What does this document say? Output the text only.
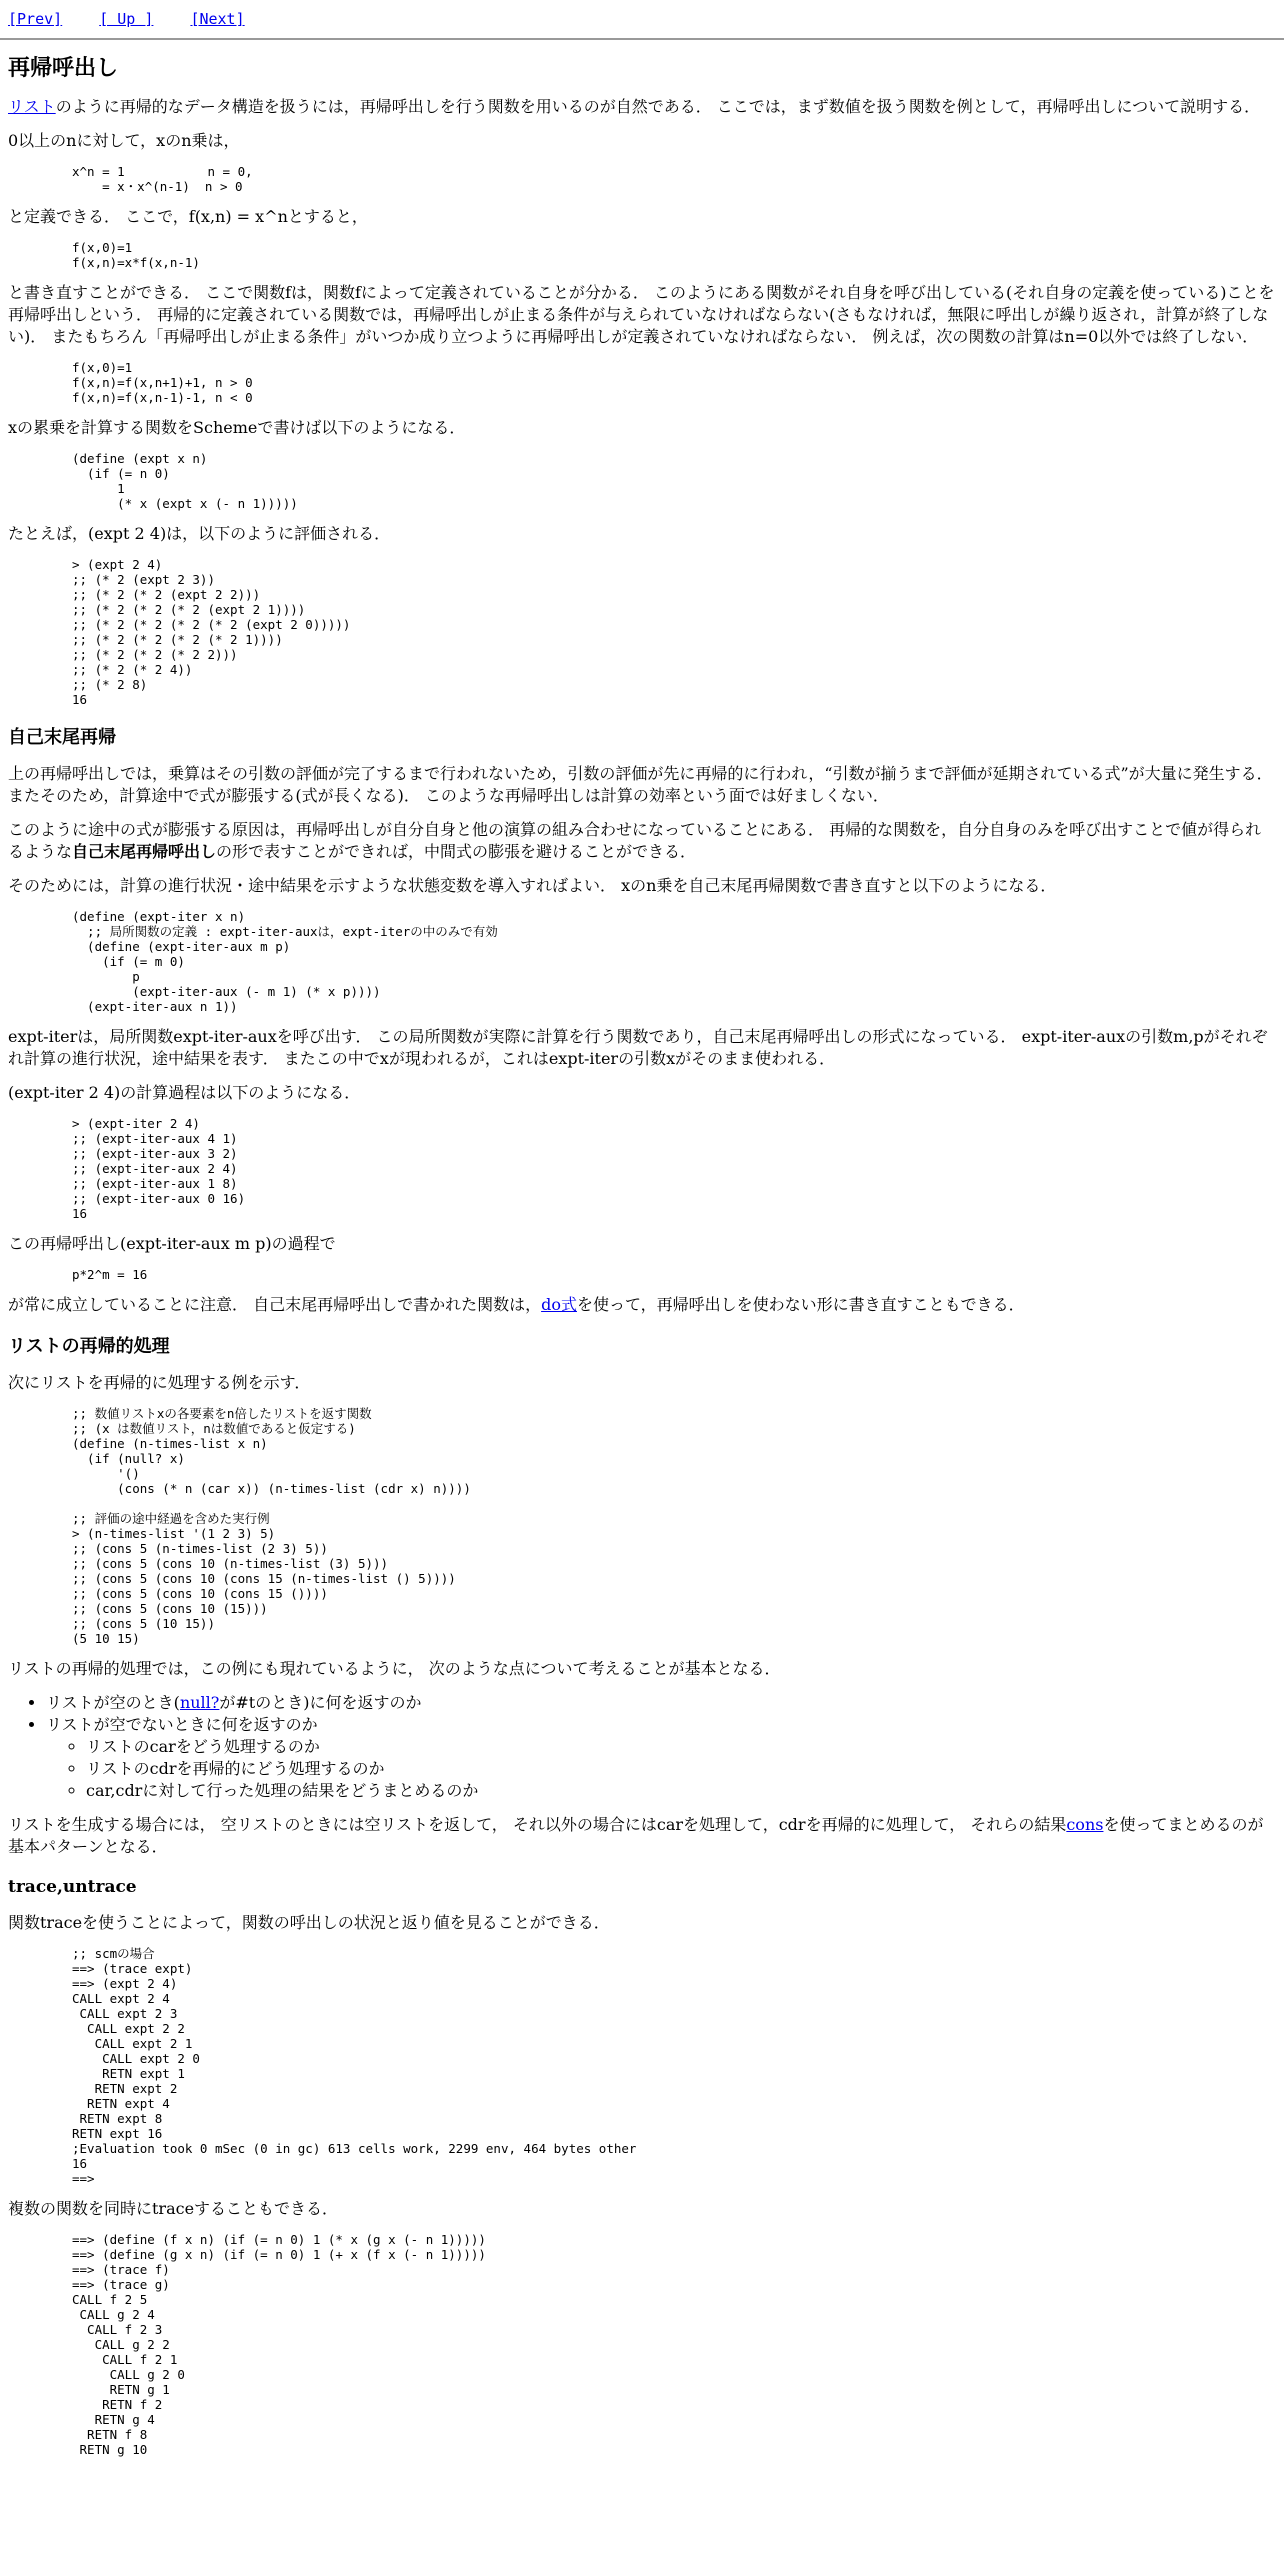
[Prev] [ Up ] [Next]
再帰呼出し

リストのように再帰的なデータ構造を扱うには，再帰呼出しを行う関数を用いるのが自然である． ここでは，まず数値を扱う関数を例として，再帰呼出しについて説明する．

0以上のnに対して，xのn乗は，

x^n = 1           n = 0,
= x・x^(n-1)  n > 0

と定義できる． ここで，f(x,n) = x^nとすると，

f(x,0)=1
f(x,n)=x*f(x,n-1)

と書き直すことができる． ここで関数fは，関数fによって定義されていることが分かる． このようにある関数がそれ自身を呼び出している(それ自身の定義を使っている)ことを再帰呼出しという． 再帰的に定義されている関数では，再帰呼出しが止まる条件が与えられていなければならない(さもなければ，無限に呼出しが繰り返され，計算が終了しない)． またもちろん「再帰呼出しが止まる条件」がいつか成り立つように再帰呼出しが定義されていなければならない． 例えば，次の関数の計算はn=0以外では終了しない．

f(x,0)=1
f(x,n)=f(x,n+1)+1, n > 0
f(x,n)=f(x,n-1)-1, n < 0

xの累乗を計算する関数をSchemeで書けば以下のようになる．

(define (expt x n)
(if (= n 0)
1
(* x (expt x (- n 1)))))

たとえば，(expt 2 4)は，以下のように評価される．

> (expt 2 4)
;; (* 2 (expt 2 3))
;; (* 2 (* 2 (expt 2 2)))
;; (* 2 (* 2 (* 2 (expt 2 1))))
;; (* 2 (* 2 (* 2 (* 2 (expt 2 0)))))
;; (* 2 (* 2 (* 2 (* 2 1))))
;; (* 2 (* 2 (* 2 2)))
;; (* 2 (* 2 4))
;; (* 2 8)
16
自己末尾再帰

上の再帰呼出しでは，乗算はその引数の評価が完了するまで行われないため，引数の評価が先に再帰的に行われ，“引数が揃うまで評価が延期されている式”が大量に発生する． またそのため，計算途中で式が膨張する(式が長くなる)． このような再帰呼出しは計算の効率という面では好ましくない．

このように途中の式が膨張する原因は，再帰呼出しが自分自身と他の演算の組み合わせになっていることにある． 再帰的な関数を，自分自身のみを呼び出すことで値が得られるような自己末尾再帰呼出しの形で表すことができれば，中間式の膨張を避けることができる．

そのためには，計算の進行状況・途中結果を示すような状態変数を導入すればよい． xのn乗を自己末尾再帰関数で書き直すと以下のようになる．

(define (expt-iter x n)
;; 局所関数の定義 : expt-iter-auxは，expt-iterの中のみで有効
(define (expt-iter-aux m p)
(if (= m 0)
p
(expt-iter-aux (- m 1) (* x p))))
(expt-iter-aux n 1))

expt-iterは，局所関数expt-iter-auxを呼び出す． この局所関数が実際に計算を行う関数であり，自己末尾再帰呼出しの形式になっている． expt-iter-auxの引数m,pがそれぞれ計算の進行状況，途中結果を表す． またこの中でxが現われるが，これはexpt-iterの引数xがそのまま使われる．

(expt-iter 2 4)の計算過程は以下のようになる．

> (expt-iter 2 4)
;; (expt-iter-aux 4 1)
;; (expt-iter-aux 3 2)
;; (expt-iter-aux 2 4)
;; (expt-iter-aux 1 8)
;; (expt-iter-aux 0 16)
16

この再帰呼出し(expt-iter-aux m p)の過程で

p*2^m = 16

が常に成立していることに注意． 自己末尾再帰呼出しで書かれた関数は，do式を使って，再帰呼出しを使わない形に書き直すこともできる．

リストの再帰的処理

次にリストを再帰的に処理する例を示す．

;; 数値リストxの各要素をn倍したリストを返す関数
;; (x は数値リスト，nは数値であると仮定する)
(define (n-times-list x n)
(if (null? x)
'()
(cons (* n (car x)) (n-times-list (cdr x) n))))

;; 評価の途中経過を含めた実行例
> (n-times-list '(1 2 3) 5)
;; (cons 5 (n-times-list (2 3) 5))
;; (cons 5 (cons 10 (n-times-list (3) 5)))
;; (cons 5 (cons 10 (cons 15 (n-times-list () 5))))
;; (cons 5 (cons 10 (cons 15 ())))
;; (cons 5 (cons 10 (15)))
;; (cons 5 (10 15))
(5 10 15)

リストの再帰的処理では，この例にも現れているように， 次のような点について考えることが基本となる．

• リストが空のとき(null?が#tのとき)に何を返すのか
• リストが空でないときに何を返すのか
◦ リストのcarをどう処理するのか
◦ リストのcdrを再帰的にどう処理するのか
◦ car,cdrに対して行った処理の結果をどうまとめるのか

リストを生成する場合には， 空リストのときには空リストを返して， それ以外の場合にはcarを処理して，cdrを再帰的に処理して， それらの結果consを使ってまとめるのが基本パターンとなる．

trace,untrace

関数traceを使うことによって，関数の呼出しの状況と返り値を見ることができる．

;; scmの場合
==> (trace expt)
==> (expt 2 4)
CALL expt 2 4
CALL expt 2 3
CALL expt 2 2
CALL expt 2 1
CALL expt 2 0
RETN expt 1
RETN expt 2
RETN expt 4
RETN expt 8
RETN expt 16
;Evaluation took 0 mSec (0 in gc) 613 cells work, 2299 env, 464 bytes other
16
==>

複数の関数を同時にtraceすることもできる．

==> (define (f x n) (if (= n 0) 1 (* x (g x (- n 1)))))
==> (define (g x n) (if (= n 0) 1 (+ x (f x (- n 1)))))
==> (trace f)
==> (trace g)
CALL f 2 5
CALL g 2 4
CALL f 2 3
CALL g 2 2
CALL f 2 1
CALL g 2 0
RETN g 1
RETN f 2
RETN g 4
RETN f 8
RETN g 10
